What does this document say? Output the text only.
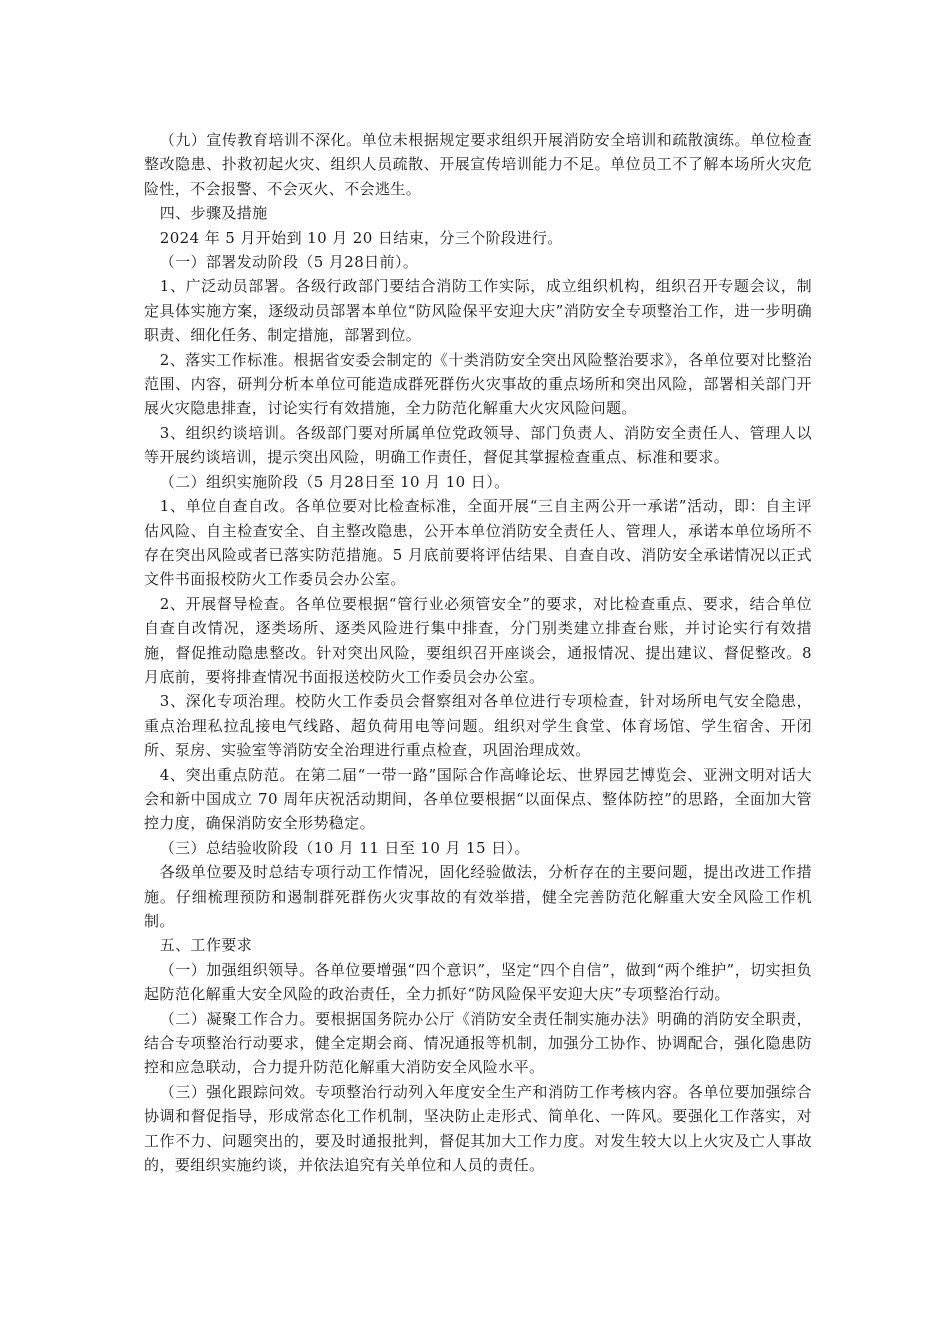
（九）宣传教育培训不深化。单位未根据规定要求组织开展消防安全培训和疏散演练。单位检查整改隐患、扑救初起火灾、组织人员疏散、开展宣传培训能力不足。单位员工不了解本场所火灾危险性，不会报警、不会灭火、不会逃生。

四、步骤及措施

2024 年 5 月开始到 10 月 20 日结束，分三个阶段进行。

（一）部署发动阶段（5 月28日前）。

1、广泛动员部署。各级行政部门要结合消防工作实际，成立组织机构，组织召开专题会议，制定具体实施方案，逐级动员部署本单位“防风险保平安迎大庆”消防安全专项整治工作，进一步明确职责、细化任务、制定措施，部署到位。

2、落实工作标准。根据省安委会制定的《十类消防安全突出风险整治要求》，各单位要对比整治范围、内容，研判分析本单位可能造成群死群伤火灾事故的重点场所和突出风险，部署相关部门开展火灾隐患排查，讨论实行有效措施，全力防范化解重大火灾风险问题。

3、组织约谈培训。各级部门要对所属单位党政领导、部门负责人、消防安全责任人、管理人以等开展约谈培训，提示突出风险，明确工作责任，督促其掌握检查重点、标准和要求。

（二）组织实施阶段（5 月28日至 10 月 10 日）。

1、单位自查自改。各单位要对比检查标准，全面开展“三自主两公开一承诺”活动，即：自主评估风险、自主检查安全、自主整改隐患，公开本单位消防安全责任人、管理人，承诺本单位场所不存在突出风险或者已落实防范措施。5 月底前要将评估结果、自查自改、消防安全承诺情况以正式文件书面报校防火工作委员会办公室。

2、开展督导检查。各单位要根据“管行业必须管安全”的要求，对比检查重点、要求，结合单位自查自改情况，逐类场所、逐类风险进行集中排查，分门别类建立排查台账，并讨论实行有效措施，督促推动隐患整改。针对突出风险，要组织召开座谈会，通报情况、提出建议、督促整改。8 月底前，要将排查情况书面报送校防火工作委员会办公室。

3、深化专项治理。校防火工作委员会督察组对各单位进行专项检查，针对场所电气安全隐患，重点治理私拉乱接电气线路、超负荷用电等问题。组织对学生食堂、体育场馆、学生宿舍、开闭所、泵房、实验室等消防安全治理进行重点检查，巩固治理成效。

4、突出重点防范。在第二届“一带一路”国际合作高峰论坛、世界园艺博览会、亚洲文明对话大会和新中国成立 70 周年庆祝活动期间，各单位要根据“以面保点、整体防控”的思路，全面加大管控力度，确保消防安全形势稳定。

（三）总结验收阶段（10 月 11 日至 10 月 15 日）。

各级单位要及时总结专项行动工作情况，固化经验做法，分析存在的主要问题，提出改进工作措施。仔细梳理预防和遏制群死群伤火灾事故的有效举措，健全完善防范化解重大安全风险工作机制。

五、工作要求

（一）加强组织领导。各单位要增强“四个意识”，坚定“四个自信”，做到“两个维护”，切实担负起防范化解重大安全风险的政治责任，全力抓好“防风险保平安迎大庆”专项整治行动。

（二）凝聚工作合力。要根据国务院办公厅《消防安全责任制实施办法》明确的消防安全职责，结合专项整治行动要求，健全定期会商、情况通报等机制，加强分工协作、协调配合，强化隐患防控和应急联动，合力提升防范化解重大消防安全风险水平。

（三）强化跟踪问效。专项整治行动列入年度安全生产和消防工作考核内容。各单位要加强综合协调和督促指导，形成常态化工作机制，坚决防止走形式、简单化、一阵风。要强化工作落实，对工作不力、问题突出的，要及时通报批判，督促其加大工作力度。对发生较大以上火灾及亡人事故的，要组织实施约谈，并依法追究有关单位和人员的责任。
